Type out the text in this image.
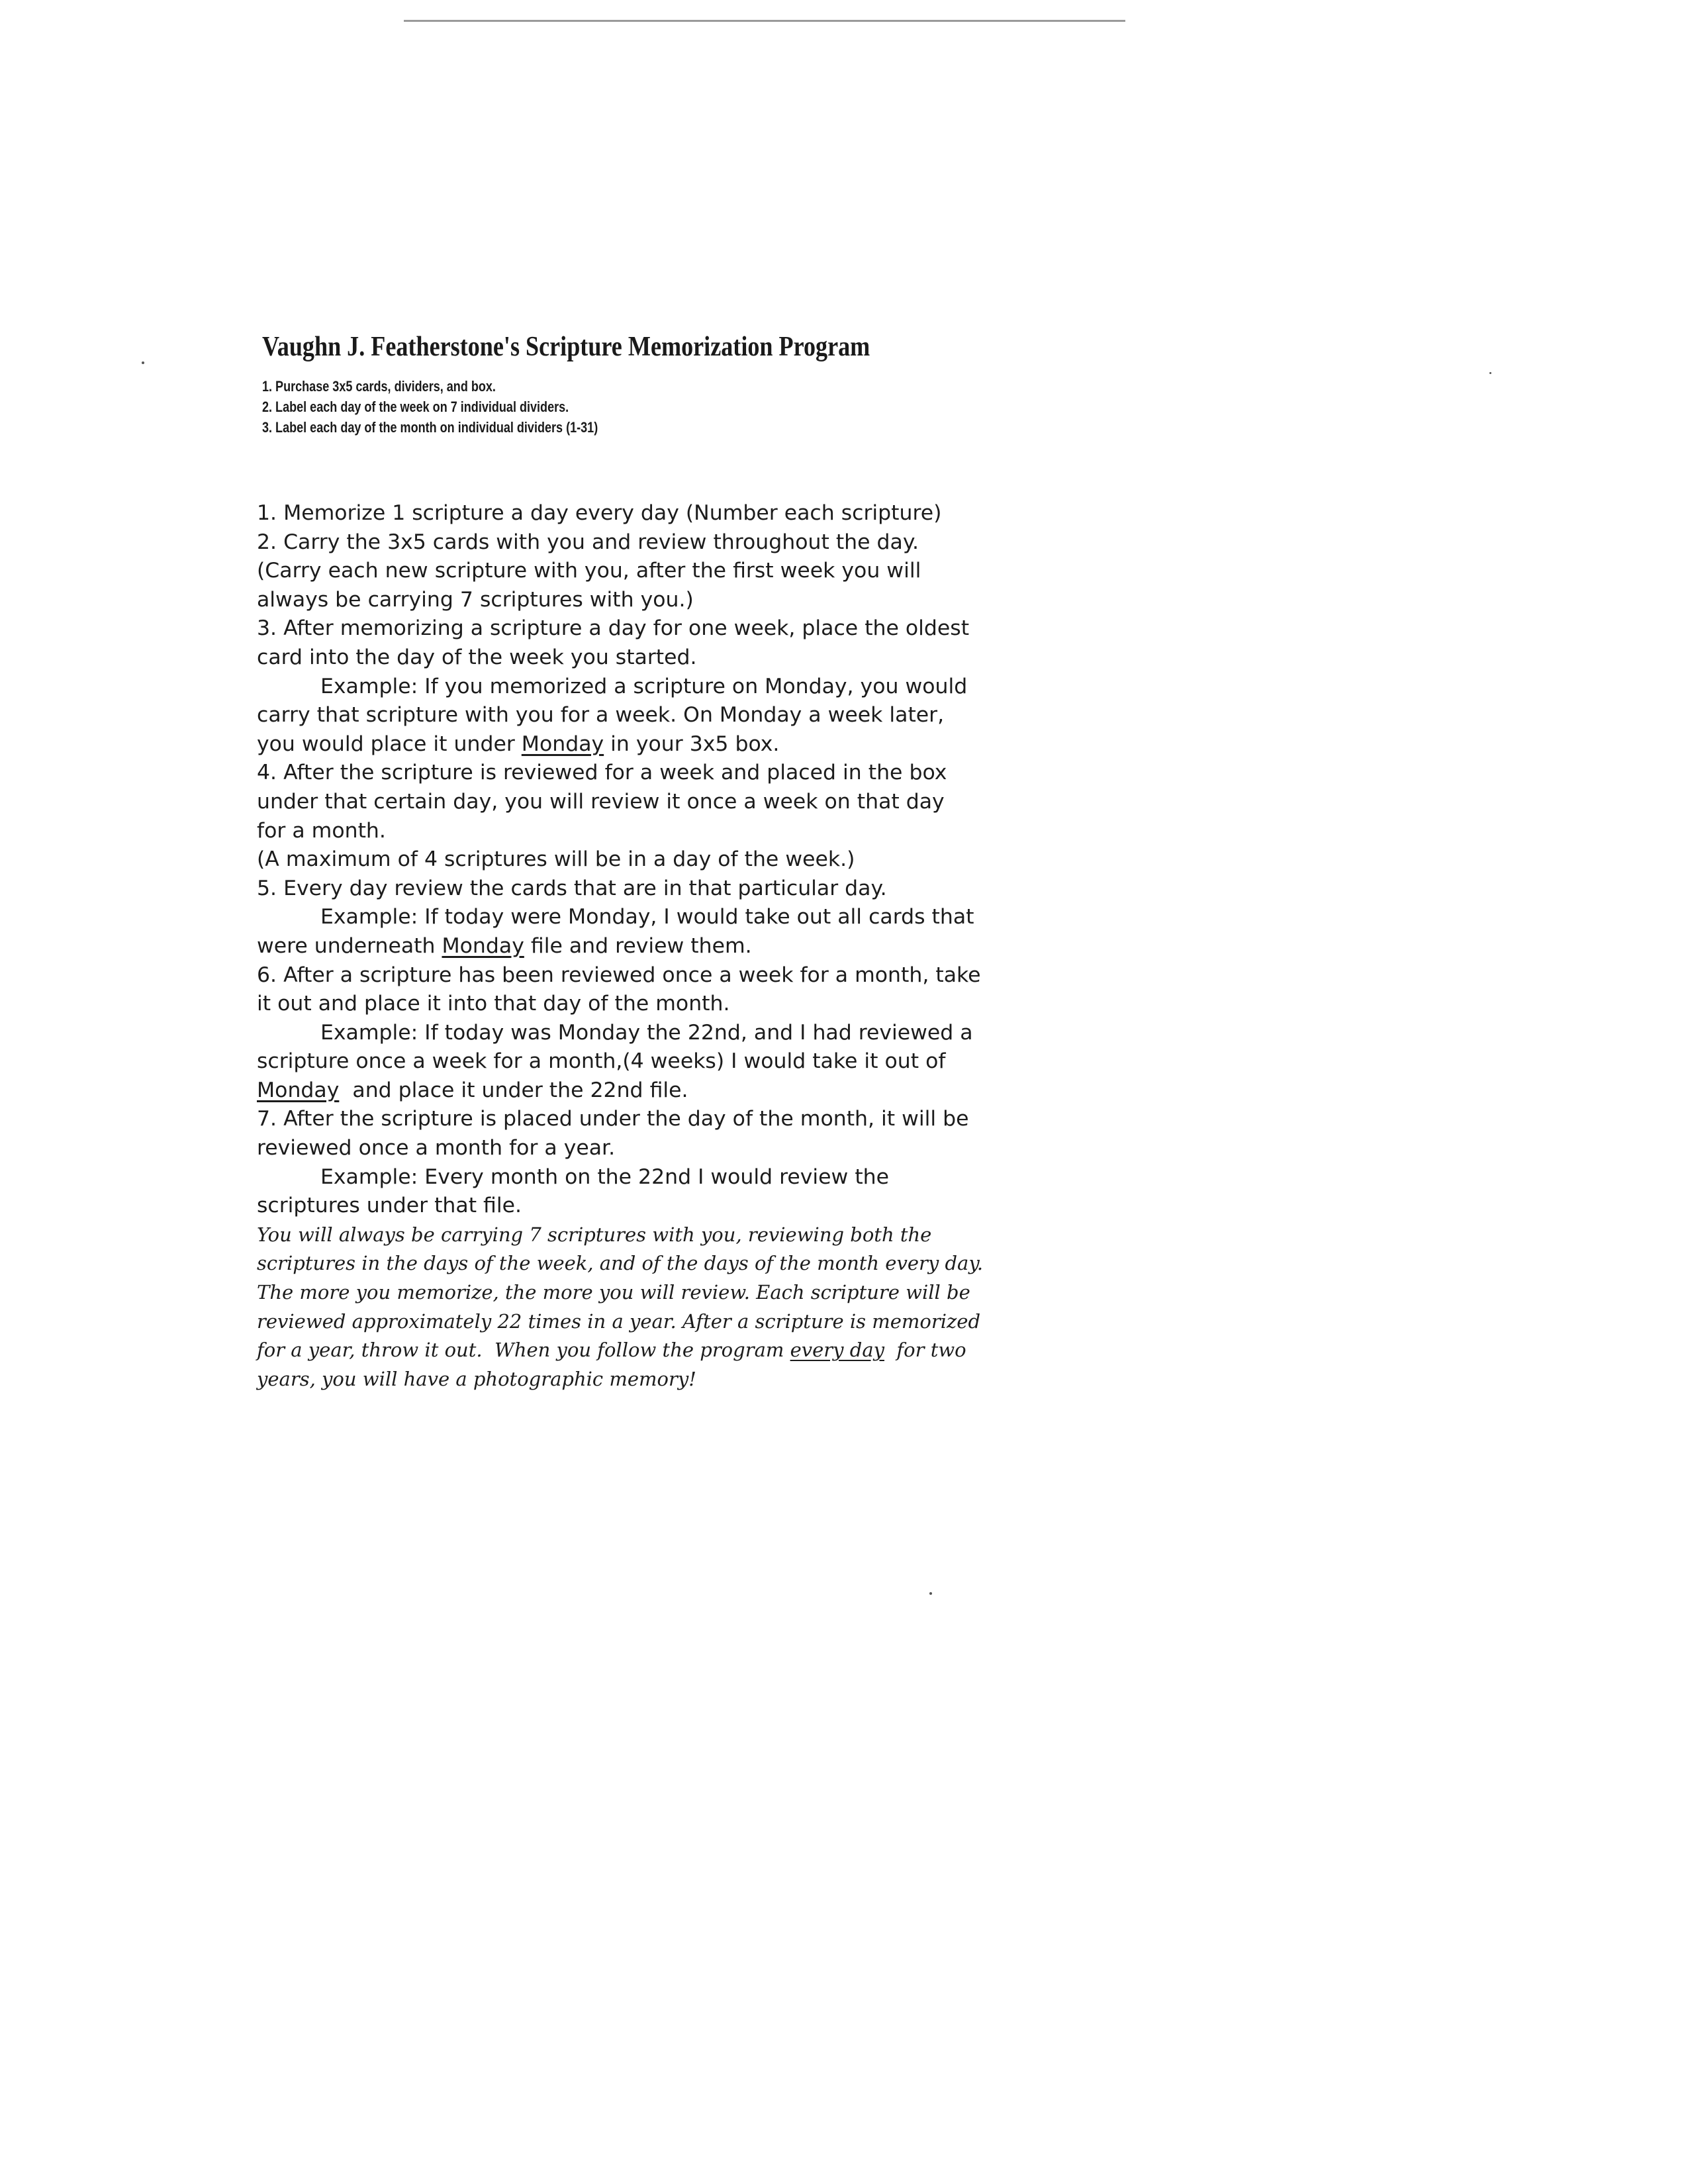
Vaughn J. Featherstone's Scripture Memorization Program
1. Purchase 3x5 cards, dividers, and box.
2. Label each day of the week on 7 individual dividers.
3. Label each day of the month on individual dividers (1-31)
1. Memorize 1 scripture a day every day (Number each scripture)
2. Carry the 3x5 cards with you and review throughout the day.
(Carry each new scripture with you, after the first week you will
always be carrying 7 scriptures with you.)
3. After memorizing a scripture a day for one week, place the oldest
card into the day of the week you started.
Example: If you memorized a scripture on Monday, you would
carry that scripture with you for a week. On Monday a week later,
you would place it under Monday in your 3x5 box.
4. After the scripture is reviewed for a week and placed in the box
under that certain day, you will review it once a week on that day
for a month.
(A maximum of 4 scriptures will be in a day of the week.)
5. Every day review the cards that are in that particular day.
Example: If today were Monday, I would take out all cards that
were underneath Monday file and review them.
6. After a scripture has been reviewed once a week for a month, take
it out and place it into that day of the month.
Example: If today was Monday the 22nd, and I had reviewed a
scripture once a week for a month,(4 weeks) I would take it out of
Monday  and place it under the 22nd file.
7. After the scripture is placed under the day of the month, it will be
reviewed once a month for a year.
Example: Every month on the 22nd I would review the
scriptures under that file.
You will always be carrying 7 scriptures with you, reviewing both the
scriptures in the days of the week, and of the days of the month every day.
The more you memorize, the more you will review. Each scripture will be
reviewed approximately 22 times in a year. After a scripture is memorized
for a year, throw it out.  When you follow the program every day  for two
years, you will have a photographic memory!
